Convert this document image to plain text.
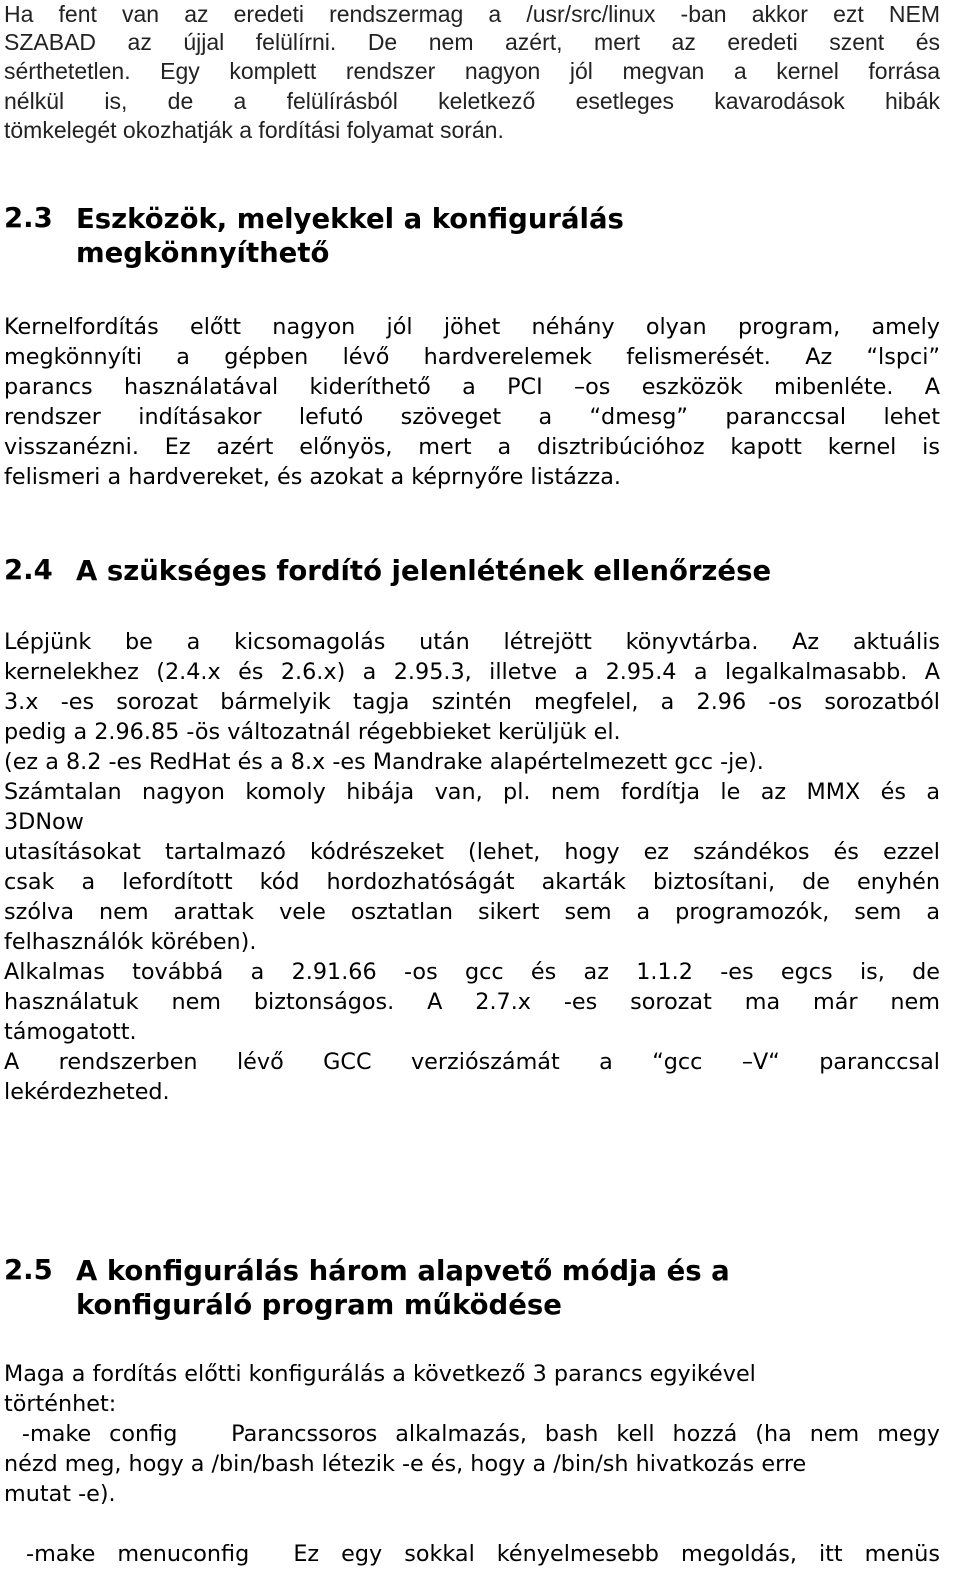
Ha fent van az eredeti rendszermag a /usr/src/linux -ban akkor ezt NEM
SZABAD az újjal felülírni. De nem azért, mert az eredeti szent és
sérthetetlen. Egy komplett rendszer nagyon jól megvan a kernel forrása
nélkül is, de a felülírásból keletkező esetleges kavarodások hibák
tömkelegét okozhatják a fordítási folyamat során.
2.3 Eszközök, melyekkel a konfigurálás
megkönnyíthető
Kernelfordítás előtt nagyon jól jöhet néhány olyan program, amely
megkönnyíti a gépben lévő hardverelemek felismerését. Az “lspci”
parancs használatával kideríthető a PCI –os eszközök mibenléte. A
rendszer indításakor lefutó szöveget a “dmesg” paranccsal lehet
visszanézni. Ez azért előnyös, mert a disztribúcióhoz kapott kernel is
felismeri a hardvereket, és azokat a képrnyőre listázza.
2.4 A szükséges fordító jelenlétének ellenőrzése
Lépjünk be a kicsomagolás után létrejött könyvtárba. Az aktuális
kernelekhez (2.4.x és 2.6.x) a 2.95.3, illetve a 2.95.4 a legalkalmasabb. A
3.x -es sorozat bármelyik tagja szintén megfelel, a 2.96 -os sorozatból
pedig a 2.96.85 -ös változatnál régebbieket kerüljük el.
(ez a 8.2 -es RedHat és a 8.x -es Mandrake alapértelmezett gcc -je).
Számtalan nagyon komoly hibája van, pl. nem fordítja le az MMX és a
3DNow
utasításokat tartalmazó kódrészeket (lehet, hogy ez szándékos és ezzel
csak a lefordított kód hordozhatóságát akarták biztosítani, de enyhén
szólva nem arattak vele osztatlan sikert sem a programozók, sem a
felhasználók körében).
Alkalmas továbbá a 2.91.66 -os gcc és az 1.1.2 -es egcs is, de
használatuk nem biztonságos. A 2.7.x -es sorozat ma már nem
támogatott.
A rendszerben lévő GCC verziószámát a “gcc –V“ paranccsal
lekérdezheted.
2.5 A konfigurálás három alapvető módja és a
konfiguráló program működése
Maga a fordítás előtti konfigurálás a következő 3 parancs egyikével
történhet:
-make config   Parancssoros alkalmazás, bash kell hozzá (ha nem megy
nézd meg, hogy a /bin/bash létezik -e és, hogy a /bin/sh hivatkozás erre
mutat -e).
-make menuconfig  Ez egy sokkal kényelmesebb megoldás, itt menüs
